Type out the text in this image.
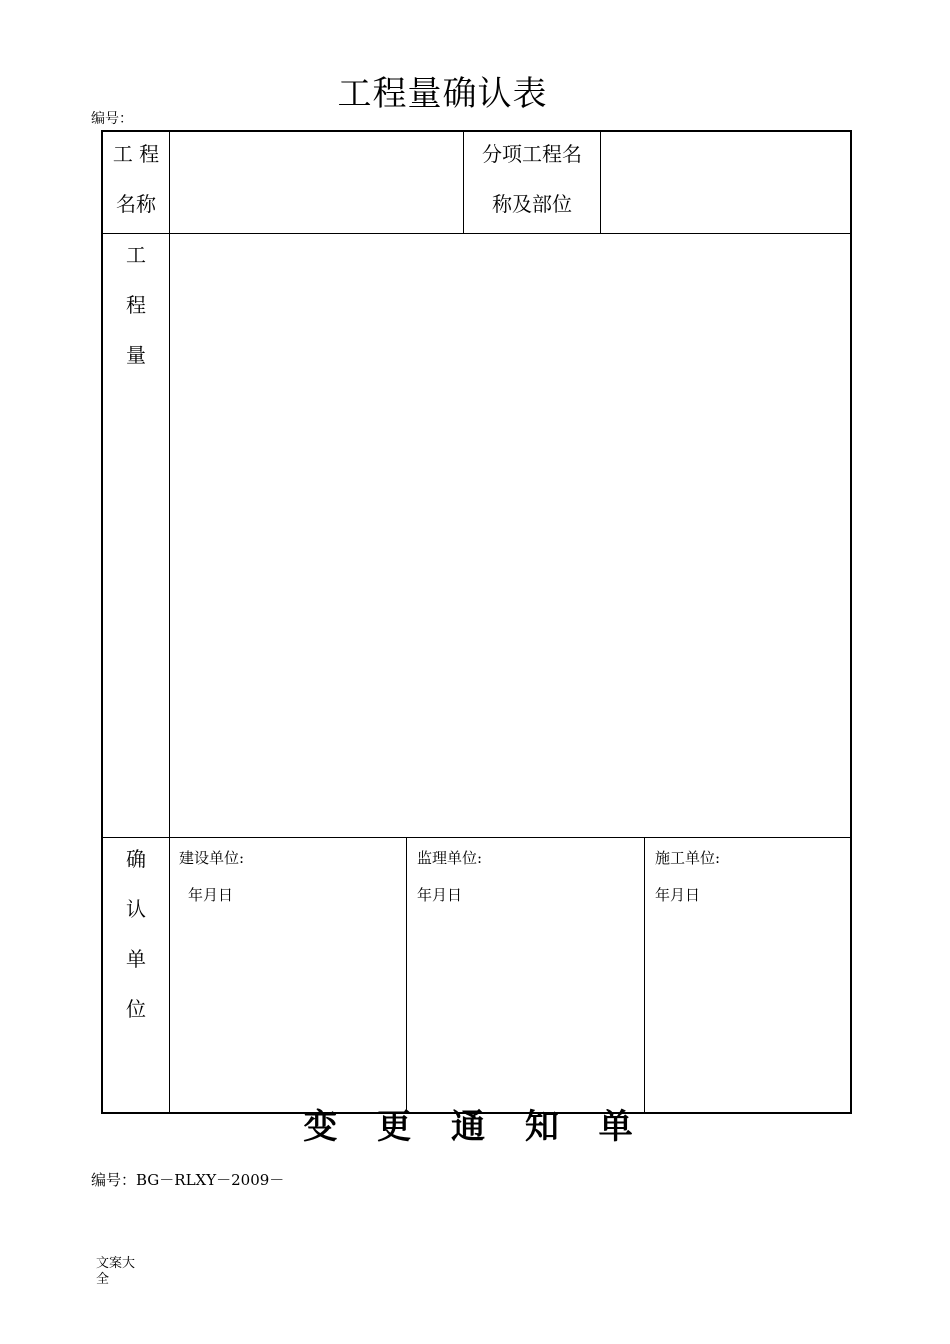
工程量确认表
编号：
工 程
名称
分项工程名
称及部位
工
程
量
确
认
单
位
建设单位:
年月日
监理单位:
年月日
施工单位:
年月日
变 更 通 知 单
编号：BG－RLXY－2009－
文案大全
